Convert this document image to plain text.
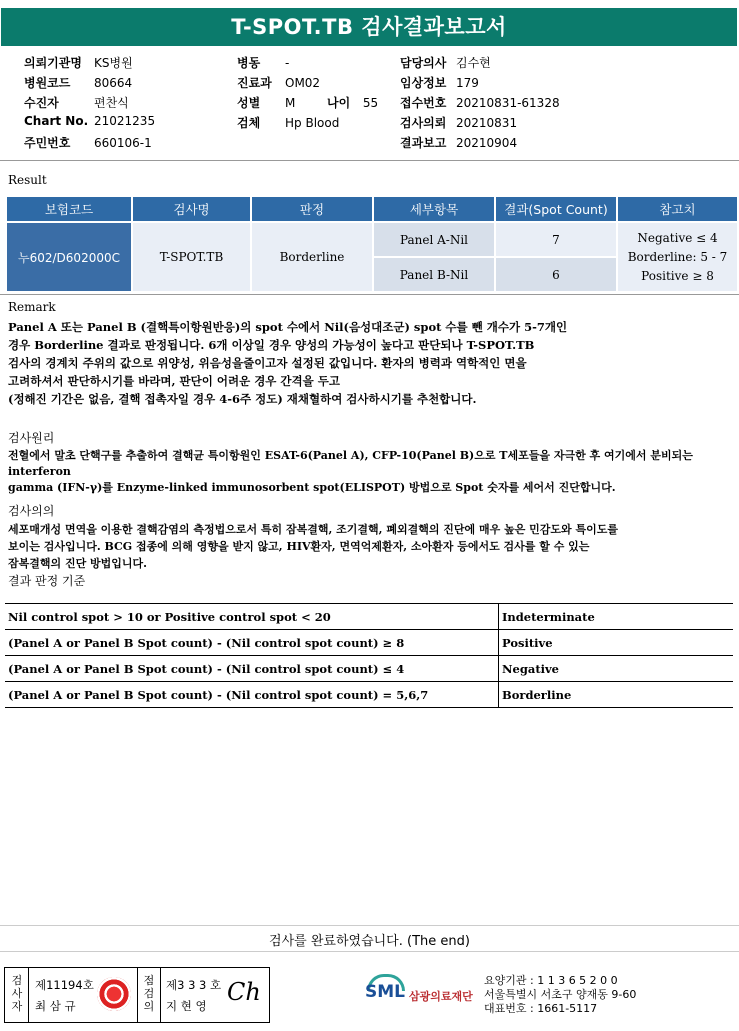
T-SPOT.TB 검사결과보고서
의뢰기관명 KS병원
병원코드 80664
수진자	편찬식
Chart No. 21021235
주민번호 660106-1
병동 -
진료과 OM02
성별 M
검체 Hp Blood
담당의사 김수현
임상정보 179
접수번호 20210831-61328
검사의뢰 20210831
결과보고 20210904
나이 55
Result
보험코드	검사명	판정	세부항목	결과(Spot Count)	참고치
누602/D602000C	T-SPOT.TB	Borderline	Panel A-Nil	7	Negative ≤ 4
Borderline: 5 - 7
Positive ≥ 8

			Panel B-Nil	6	
Remark
Panel A 또는 Panel B (결핵특이항원반응)의 spot 수에서 Nil(음성대조군) spot 수를 뺀 개수가 5-7개인
경우 Borderline 결과로 판정됩니다. 6개 이상일 경우 양성의 가능성이 높다고 판단되나 T-SPOT.TB
검사의 경계치 주위의 값으로 위양성, 위음성을줄이고자 설정된 값입니다. 환자의 병력과 역학적인 면을
고려하셔서 판단하시기를 바라며, 판단이 어려운 경우 간격을 두고
(정해진 기간은 없음, 결핵 접촉자일 경우 4-6주 정도) 재채혈하여 검사하시기를 추천합니다.
검사원리
전혈에서 말초 단핵구를 추출하여 결핵균 특이항원인 ESAT-6(Panel A), CFP-10(Panel B)으로 T세포들을 자극한 후 여기에서 분비되는
interferon
gamma (IFN-γ)를 Enzyme-linked immunosorbent spot(ELISPOT) 방법으로 Spot 숫자를 세어서 진단합니다.
검사의의
세포매개성 면역을 이용한 결핵감염의 측정법으로서 특히 잠복결핵, 조기결핵, 폐외결핵의 진단에 매우 높은 민감도와 특이도를
보이는 검사입니다. BCG 접종에 의해 영향을 받지 않고, HIV환자, 면역억제환자, 소아환자 등에서도 검사를 할 수 있는
잠복결핵의 진단 방법입니다.
결과 판정 기준
Nil control spot > 10 or Positive control spot < 20	Indeterminate
(Panel A or Panel B Spot count) - (Nil control spot count) ≥ 8	Positive
(Panel A or Panel B Spot count) - (Nil control spot count) ≤ 4	Negative
(Panel A or Panel B Spot count) - (Nil control spot count) = 5,6,7	Borderline
검사를 완료하였습니다. (The end)
검사자
제11194호
최 삼 규
점검의
제3 3 3 호
지 현 영 Ch	SML 삼광의료재단
요양기관 : 1 1 3 6 5 2 0 0
서울특별시 서초구 양재동 9-60
대표번호 : 1661-5117
